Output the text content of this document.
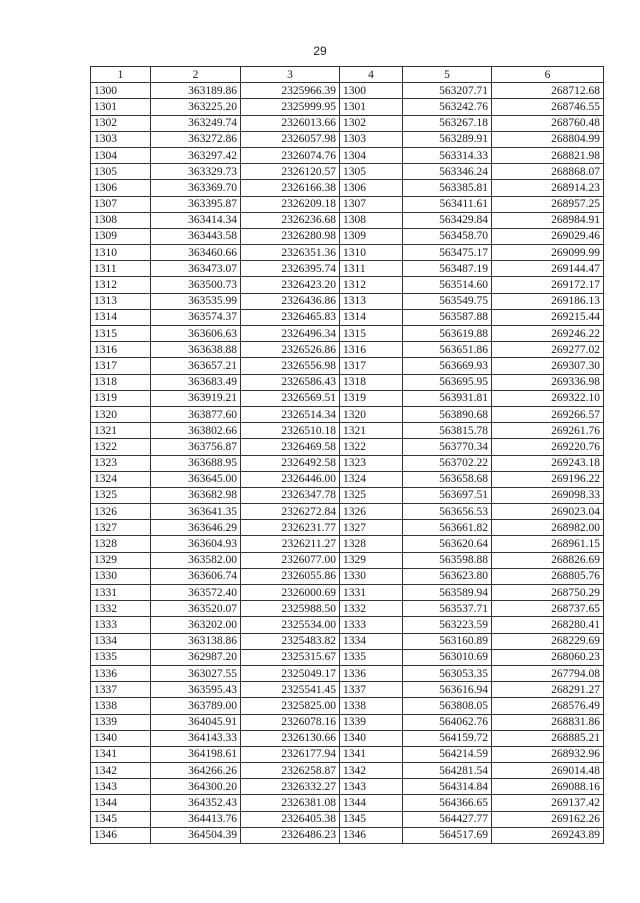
29
1	2	3	4	5	6
1300	363189.86	2325966.39	1300	563207.71	268712.68
1301	363225.20	2325999.95	1301	563242.76	268746.55
1302	363249.74	2326013.66	1302	563267.18	268760.48
1303	363272.86	2326057.98	1303	563289.91	268804.99
1304	363297.42	2326074.76	1304	563314.33	268821.98
1305	363329.73	2326120.57	1305	563346.24	268868.07
1306	363369.70	2326166.38	1306	563385.81	268914.23
1307	363395.87	2326209.18	1307	563411.61	268957.25
1308	363414.34	2326236.68	1308	563429.84	268984.91
1309	363443.58	2326280.98	1309	563458.70	269029.46
1310	363460.66	2326351.36	1310	563475.17	269099.99
1311	363473.07	2326395.74	1311	563487.19	269144.47
1312	363500.73	2326423.20	1312	563514.60	269172.17
1313	363535.99	2326436.86	1313	563549.75	269186.13
1314	363574.37	2326465.83	1314	563587.88	269215.44
1315	363606.63	2326496.34	1315	563619.88	269246.22
1316	363638.88	2326526.86	1316	563651.86	269277.02
1317	363657.21	2326556.98	1317	563669.93	269307.30
1318	363683.49	2326586.43	1318	563695.95	269336.98
1319	363919.21	2326569.51	1319	563931.81	269322.10
1320	363877.60	2326514.34	1320	563890.68	269266.57
1321	363802.66	2326510.18	1321	563815.78	269261.76
1322	363756.87	2326469.58	1322	563770.34	269220.76
1323	363688.95	2326492.58	1323	563702.22	269243.18
1324	363645.00	2326446.00	1324	563658.68	269196.22
1325	363682.98	2326347.78	1325	563697.51	269098.33
1326	363641.35	2326272.84	1326	563656.53	269023.04
1327	363646.29	2326231.77	1327	563661.82	268982.00
1328	363604.93	2326211.27	1328	563620.64	268961.15
1329	363582.00	2326077.00	1329	563598.88	268826.69
1330	363606.74	2326055.86	1330	563623.80	268805.76
1331	363572.40	2326000.69	1331	563589.94	268750.29
1332	363520.07	2325988.50	1332	563537.71	268737.65
1333	363202.00	2325534.00	1333	563223.59	268280.41
1334	363138.86	2325483.82	1334	563160.89	268229.69
1335	362987.20	2325315.67	1335	563010.69	268060.23
1336	363027.55	2325049.17	1336	563053.35	267794.08
1337	363595.43	2325541.45	1337	563616.94	268291.27
1338	363789.00	2325825.00	1338	563808.05	268576.49
1339	364045.91	2326078.16	1339	564062.76	268831.86
1340	364143.33	2326130.66	1340	564159.72	268885.21
1341	364198.61	2326177.94	1341	564214.59	268932.96
1342	364266.26	2326258.87	1342	564281.54	269014.48
1343	364300.20	2326332.27	1343	564314.84	269088.16
1344	364352.43	2326381.08	1344	564366.65	269137.42
1345	364413.76	2326405.38	1345	564427.77	269162.26
1346	364504.39	2326486.23	1346	564517.69	269243.89
